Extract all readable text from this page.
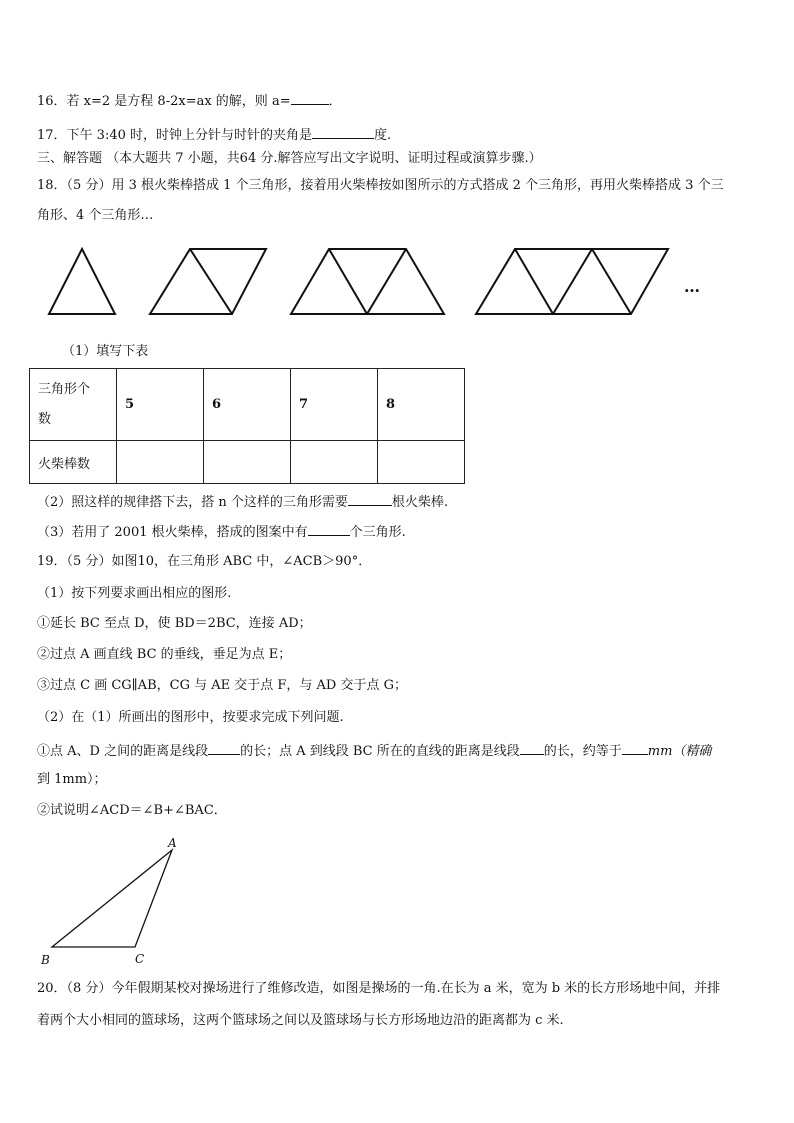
16．若 x=2 是方程 8-2x=ax 的解，则 a=	．
17．下午 3:40 时，时钟上分针与时针的夹角是	度.
三、解答题 （本大题共 7 小题，共64 分.解答应写出文字说明、证明过程或演算步骤.）
18．（5 分）用 3 根火柴棒搭成 1 个三角形，接着用火柴棒按如图所示的方式搭成 2 个三角形，再用火柴棒搭成 3 个三
角形、4 个三角形…
…
（1）填写下表
三角形个
数	5	6	7	8
火柴棒数				
（2）照这样的规律搭下去，搭 n 个这样的三角形需要	根火柴棒.
（3）若用了 2001 根火柴棒，搭成的图案中有	个三角形.
19．（5 分）如图10，在三角形 ABC 中，∠ACB＞90°．
（1）按下列要求画出相应的图形.
①延长 BC 至点 D，使 BD＝2BC，连接 AD；
②过点 A 画直线 BC 的垂线，垂足为点 E；
③过点 C 画 CG∥AB，CG 与 AE 交于点 F，与 AD 交于点 G；
（2）在（1）所画出的图形中，按要求完成下列问题.
①点 A、D 之间的距离是线段 的长；点 A 到线段 BC 所在的直线的距离是线段 的长，约等于 mm（精确
到 1mm）；
②试说明∠ACD＝∠B+∠BAC．
A
B	C
20．（8 分）今年假期某校对操场进行了维修改造，如图是操场的一角.在长为 a 米，宽为 b 米的长方形场地中间，并排
着两个大小相同的篮球场，这两个篮球场之间以及篮球场与长方形场地边沿的距离都为 c 米.
